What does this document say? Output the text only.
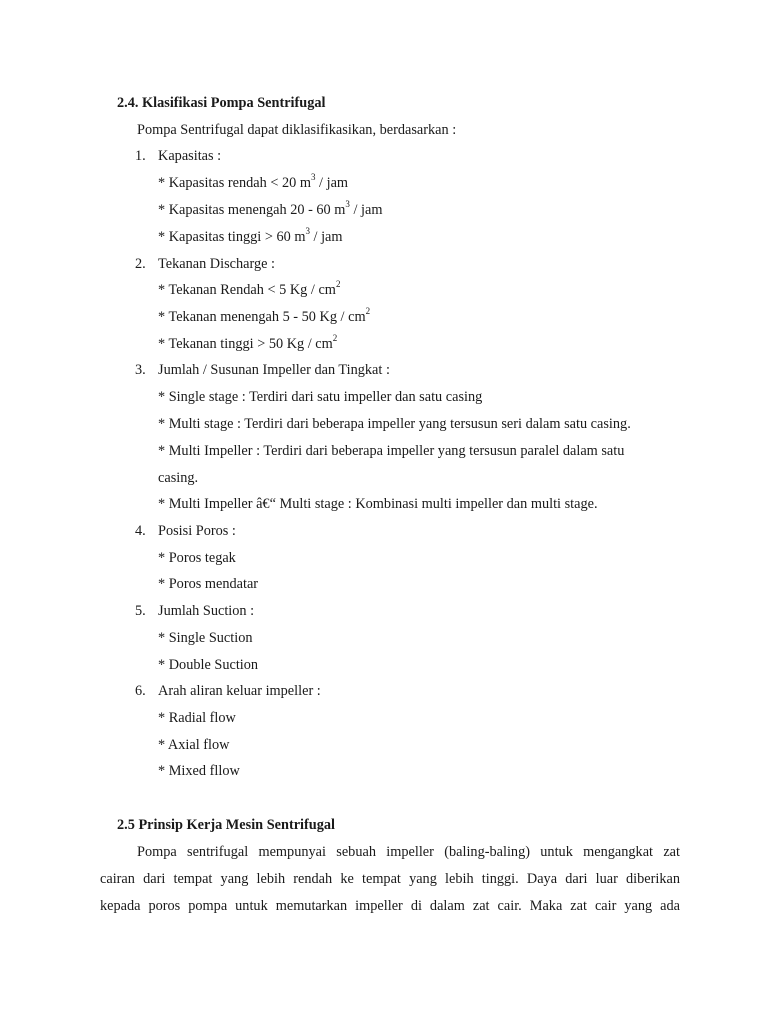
2.4. Klasifikasi Pompa Sentrifugal
Pompa Sentrifugal dapat diklasifikasikan, berdasarkan :
1. Kapasitas :
* Kapasitas rendah < 20 $m^3$ / jam
* Kapasitas menengah 20 - 60 $m^3$ / jam
* Kapasitas tinggi > 60 $m^3$ / jam
2. Tekanan Discharge :
* Tekanan Rendah < 5 Kg / $cm^2$
* Tekanan menengah 5 - 50 Kg / $cm^2$
* Tekanan tinggi > 50 Kg / $cm^2$
3. Jumlah / Susunan Impeller dan Tingkat :
* Single stage : Terdiri dari satu impeller dan satu casing
* Multi stage : Terdiri dari beberapa impeller yang tersusun seri dalam satu casing.
* Multi Impeller : Terdiri dari beberapa impeller yang tersusun paralel dalam satu
casing.
* Multi Impeller â€“ Multi stage : Kombinasi multi impeller dan multi stage.
4. Posisi Poros :
* Poros tegak
* Poros mendatar
5. Jumlah Suction :
* Single Suction
* Double Suction
6. Arah aliran keluar impeller :
* Radial flow
* Axial flow
* Mixed fllow
2.5 Prinsip Kerja Mesin Sentrifugal
Pompa sentrifugal mempunyai sebuah impeller (baling-baling) untuk mengangkat zat
cairan dari tempat yang lebih rendah ke tempat yang lebih tinggi. Daya dari luar diberikan
kepada poros pompa untuk memutarkan impeller di dalam zat cair. Maka zat cair yang ada
